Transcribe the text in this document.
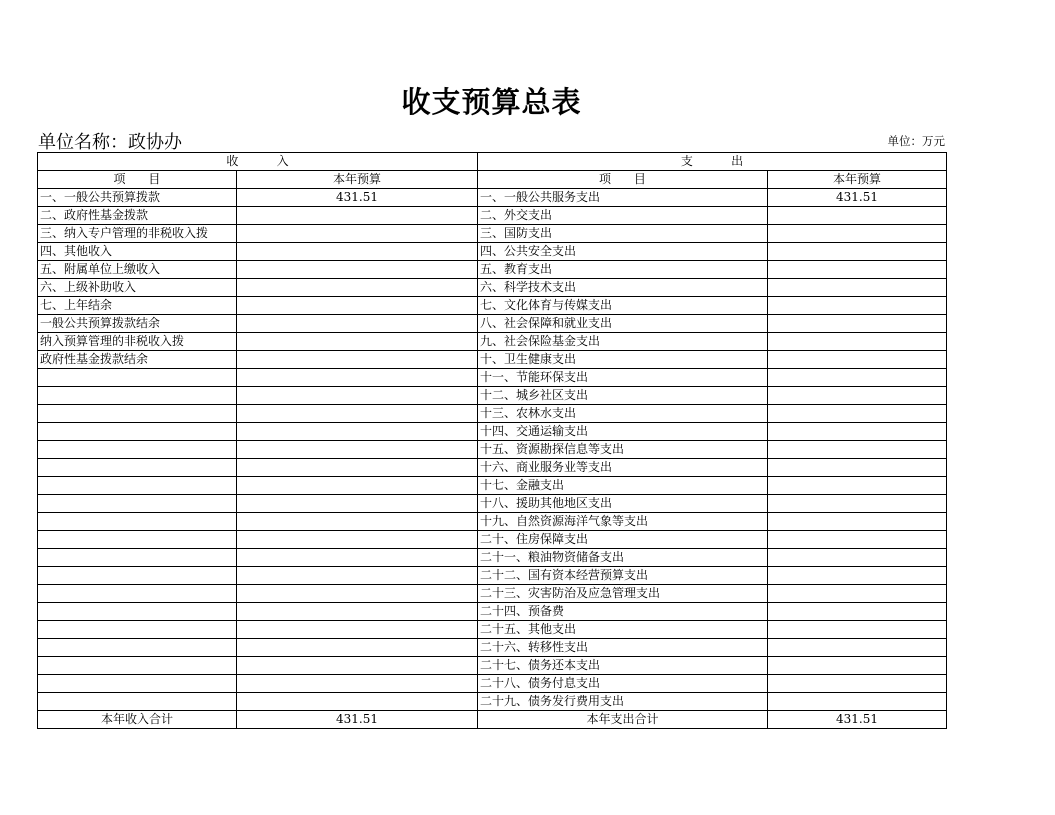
收支预算总表
单位名称：政协办	单位：万元
收          入		支          出	
项      目	本年预算	项      目	本年预算
一、一般公共预算拨款	431.51	一、一般公共服务支出	431.51
二、政府性基金拨款		二、外交支出	
三、纳入专户管理的非税收入拨		三、国防支出	
四、其他收入		四、公共安全支出	
五、附属单位上缴收入		五、教育支出	
六、上级补助收入		六、科学技术支出	
七、上年结余		七、文化体育与传媒支出	
一般公共预算拨款结余		八、社会保障和就业支出	
纳入预算管理的非税收入拨		九、社会保险基金支出	
政府性基金拨款结余		十、卫生健康支出	
		十一、节能环保支出	
		十二、城乡社区支出	
		十三、农林水支出	
		十四、交通运输支出	
		十五、资源勘探信息等支出	
		十六、商业服务业等支出	
		十七、金融支出	
		十八、援助其他地区支出	
		十九、自然资源海洋气象等支出	
		二十、住房保障支出	
		二十一、粮油物资储备支出	
		二十二、国有资本经营预算支出	
		二十三、灾害防治及应急管理支出	
		二十四、预备费	
		二十五、其他支出	
		二十六、转移性支出	
		二十七、债务还本支出	
		二十八、债务付息支出	
		二十九、债务发行费用支出	
本年收入合计	431.51	本年支出合计	431.51
